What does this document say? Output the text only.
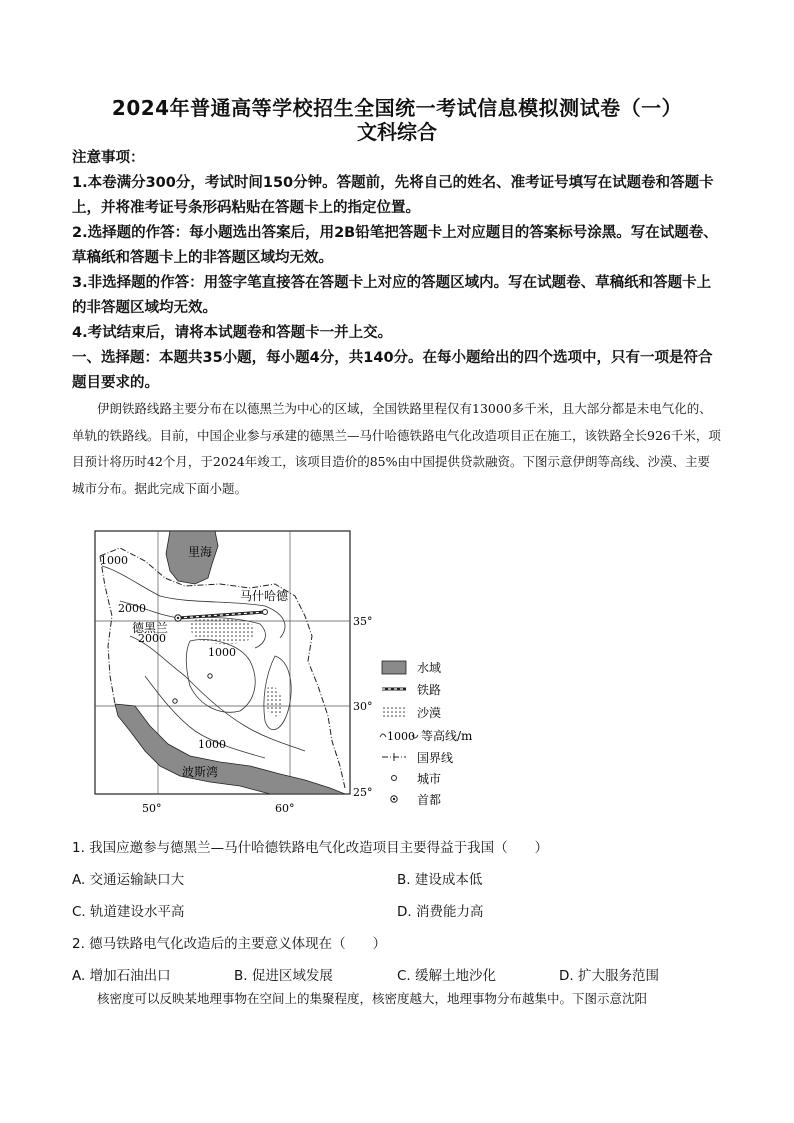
2024年普通高等学校招生全国统一考试信息模拟测试卷（一）
文科综合

注意事项：

1.本卷满分300分，考试时间150分钟。答题前，先将自己的姓名、准考证号填写在试题卷和答题卡上，并将准考证号条形码粘贴在答题卡上的指定位置。

2.选择题的作答：每小题选出答案后，用2B铅笔把答题卡上对应题目的答案标号涂黑。写在试题卷、草稿纸和答题卡上的非答题区域均无效。

3.非选择题的作答：用签字笔直接答在答题卡上对应的答题区域内。写在试题卷、草稿纸和答题卡上的非答题区域均无效。

4.考试结束后，请将本试题卷和答题卡一并上交。

一、选择题：本题共35小题，每小题4分，共140分。在每小题给出的四个选项中，只有一项是符合题目要求的。

伊朗铁路线路主要分布在以德黑兰为中心的区域，全国铁路里程仅有13000多千米，且大部分都是未电气化的、单轨的铁路线。目前，中国企业参与承建的德黑兰—马什哈德铁路电气化改造项目正在施工，该铁路全长926千米，项目预计将历时42个月，于2024年竣工，该项目造价的85%由中国提供贷款融资。下图示意伊朗等高线、沙漠、主要城市分布。据此完成下面小题。
里海
马什哈德
德黑兰
波斯湾
1000
2000
2000
1000
1000
35°
30°
25°
50°	60°
水域
铁路
沙漠
1000 等高线/m
国界线
城市
首都
1. 我国应邀参与德黑兰—马什哈德铁路电气化改造项目主要得益于我国（　　）
A. 交通运输缺口大	B. 建设成本低
C. 轨道建设水平高	D. 消费能力高
2. 德马铁路电气化改造后的主要意义体现在（　　）
A. 增加石油出口	B. 促进区域发展	C. 缓解土地沙化	D. 扩大服务范围
核密度可以反映某地理事物在空间上的集聚程度，核密度越大，地理事物分布越集中。下图示意沈阳
